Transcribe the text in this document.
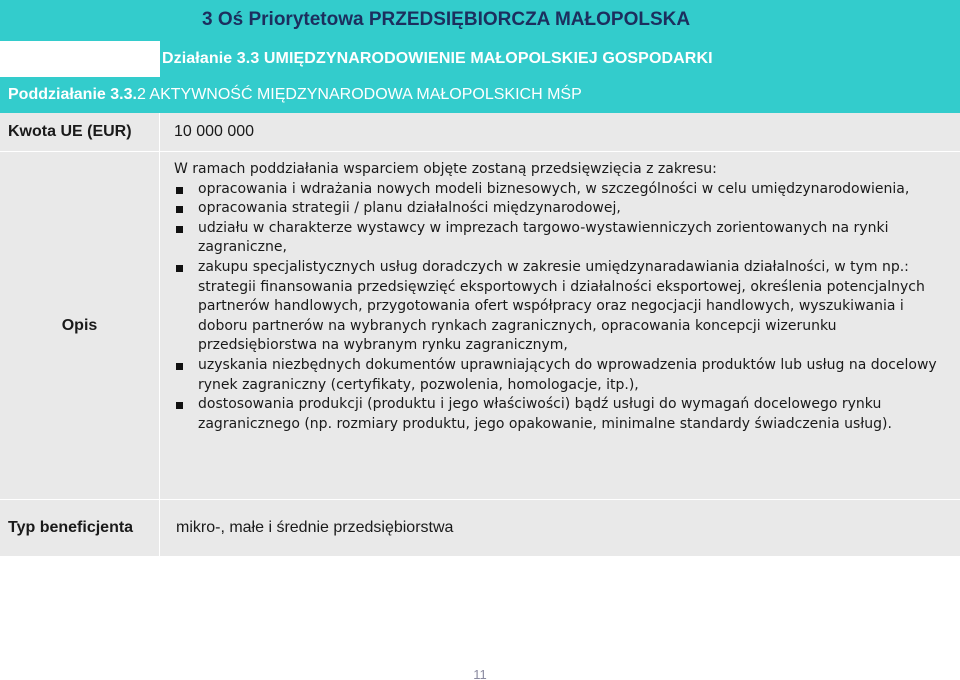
3 Oś Priorytetowa PRZEDSIĘBIORCZA MAŁOPOLSKA
Działanie 3.3 UMIĘDZYNARODOWIENIE MAŁOPOLSKIEJ GOSPODARKI
Poddziałanie 3.3.2 AKTYWNOŚĆ MIĘDZYNARODOWA MAŁOPOLSKICH MŚP
Kwota UE (EUR)	10 000 000
Opis
W ramach poddziałania wsparciem objęte zostaną przedsięwzięcia z zakresu:
opracowania i wdrażania nowych modeli biznesowych, w szczególności w celu umiędzynarodowienia,
opracowania strategii / planu działalności międzynarodowej,
udziału w charakterze wystawcy w imprezach targowo-wystawienniczych zorientowanych na rynki zagraniczne,
zakupu specjalistycznych usług doradczych w zakresie umiędzynaradawiania działalności, w tym np.: strategii finansowania przedsięwzięć eksportowych i działalności eksportowej, określenia potencjalnych partnerów handlowych, przygotowania ofert współpracy oraz negocjacji handlowych, wyszukiwania i doboru partnerów na wybranych rynkach zagranicznych, opracowania koncepcji wizerunku przedsiębiorstwa na wybranym rynku zagranicznym,
uzyskania niezbędnych dokumentów uprawniających do wprowadzenia produktów lub usług na docelowy rynek zagraniczny (certyfikaty, pozwolenia, homologacje, itp.),
dostosowania produkcji (produktu i jego właściwości) bądź usługi do wymagań docelowego rynku zagranicznego (np. rozmiary produktu, jego opakowanie, minimalne standardy świadczenia usług).
Typ beneficjenta	mikro-, małe i średnie przedsiębiorstwa
11
